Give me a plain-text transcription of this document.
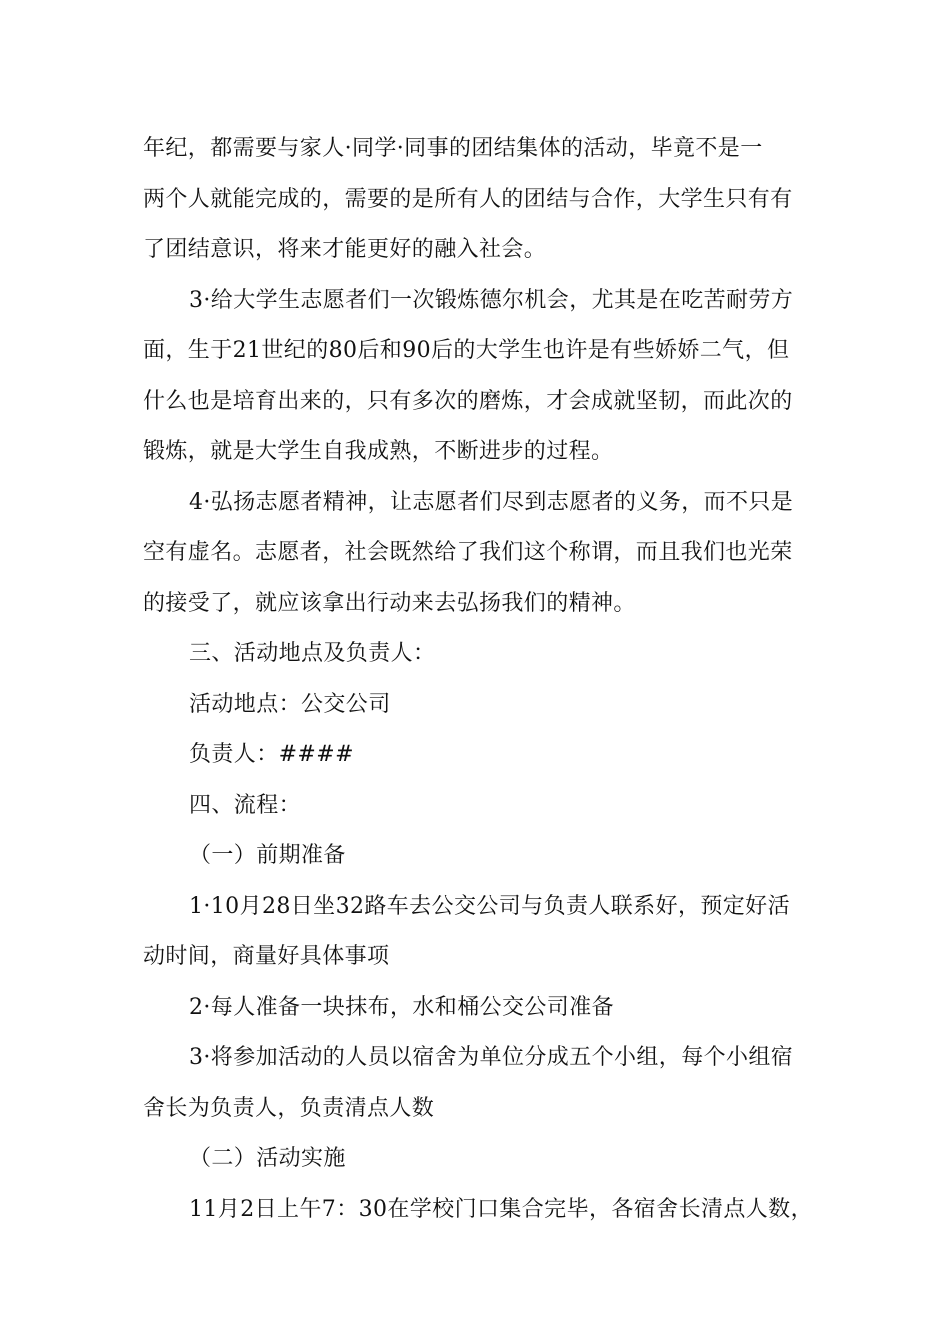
年纪，都需要与家人·同学·同事的团结集体的活动，毕竟不是一
两个人就能完成的，需要的是所有人的团结与合作，大学生只有有
了团结意识，将来才能更好的融入社会。
3·给大学生志愿者们一次锻炼德尔机会，尤其是在吃苦耐劳方
面，生于21世纪的80后和90后的大学生也许是有些娇娇二气，但
什么也是培育出来的，只有多次的磨炼，才会成就坚韧，而此次的
锻炼，就是大学生自我成熟，不断进步的过程。
4·弘扬志愿者精神，让志愿者们尽到志愿者的义务，而不只是
空有虚名。志愿者，社会既然给了我们这个称谓，而且我们也光荣
的接受了，就应该拿出行动来去弘扬我们的精神。
三、活动地点及负责人：
活动地点：公交公司
负责人：####
四、流程：
（一）前期准备
1·10月28日坐32路车去公交公司与负责人联系好，预定好活
动时间，商量好具体事项
2·每人准备一块抹布，水和桶公交公司准备
3·将参加活动的人员以宿舍为单位分成五个小组，每个小组宿
舍长为负责人，负责清点人数
（二）活动实施
11月2日上午7：30在学校门口集合完毕，各宿舍长清点人数，
